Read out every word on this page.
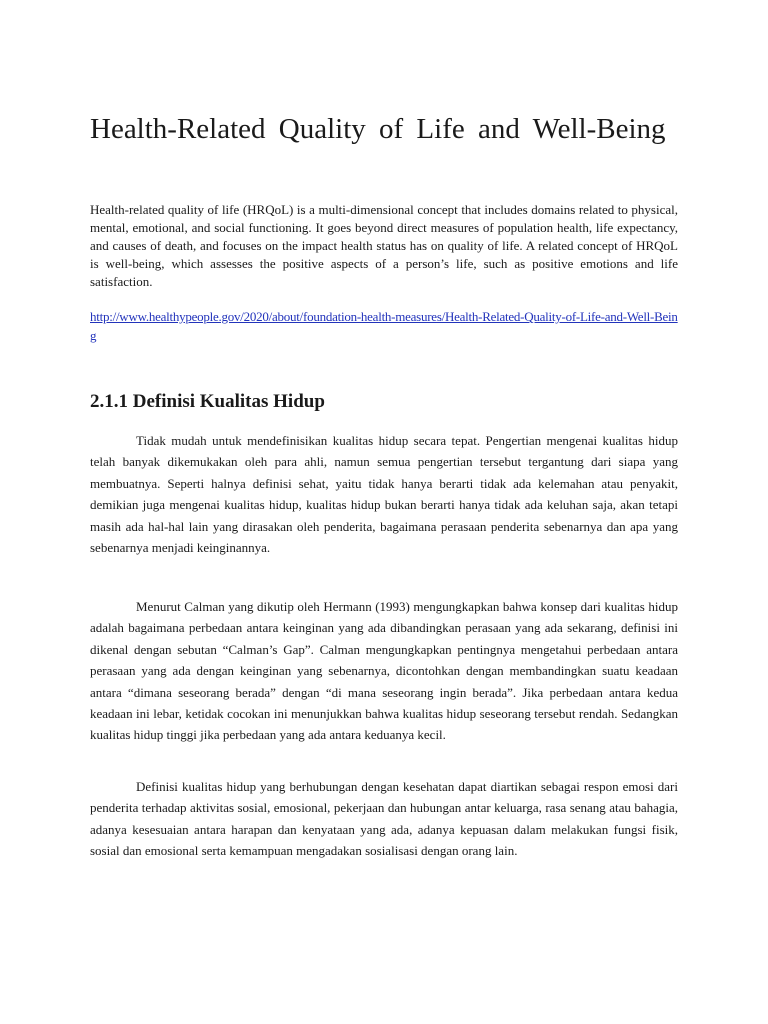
Health-Related Quality of Life and Well-Being

Health-related quality of life (HRQoL) is a multi-dimensional concept that includes domains related to physical, mental, emotional, and social functioning. It goes beyond direct measures of population health, life expectancy, and causes of death, and focuses on the impact health status has on quality of life. A related concept of HRQoL is well-being, which assesses the positive aspects of a person’s life, such as positive emotions and life satisfaction.

http://www.healthypeople.gov/2020/about/foundation-health-measures/Health-Related-Quality-of-Life-and-Well-Being
2.1.1 Definisi Kualitas Hidup

Tidak mudah untuk mendefinisikan kualitas hidup secara tepat. Pengertian mengenai kualitas hidup telah banyak dikemukakan oleh para ahli, namun semua pengertian tersebut tergantung dari siapa yang membuatnya. Seperti halnya definisi sehat, yaitu tidak hanya berarti tidak ada kelemahan atau penyakit, demikian juga mengenai kualitas hidup, kualitas hidup bukan berarti hanya tidak ada keluhan saja, akan tetapi masih ada hal-hal lain yang dirasakan oleh penderita, bagaimana perasaan penderita sebenarnya dan apa yang sebenarnya menjadi keinginannya.

Menurut Calman yang dikutip oleh Hermann (1993) mengungkapkan bahwa konsep dari kualitas hidup adalah bagaimana perbedaan antara keinginan yang ada dibandingkan perasaan yang ada sekarang, definisi ini dikenal dengan sebutan “Calman’s Gap”. Calman mengungkapkan pentingnya mengetahui perbedaan antara perasaan yang ada dengan keinginan yang sebenarnya, dicontohkan dengan membandingkan suatu keadaan antara “dimana seseorang berada” dengan “di mana seseorang ingin berada”. Jika perbedaan antara kedua keadaan ini lebar, ketidak cocokan ini menunjukkan bahwa kualitas hidup seseorang tersebut rendah. Sedangkan kualitas hidup tinggi jika perbedaan yang ada antara keduanya kecil.

Definisi kualitas hidup yang berhubungan dengan kesehatan dapat diartikan sebagai respon emosi dari penderita terhadap aktivitas sosial, emosional, pekerjaan dan hubungan antar keluarga, rasa senang atau bahagia, adanya kesesuaian antara harapan dan kenyataan yang ada, adanya kepuasan dalam melakukan fungsi fisik, sosial dan emosional serta kemampuan mengadakan sosialisasi dengan orang lain.
